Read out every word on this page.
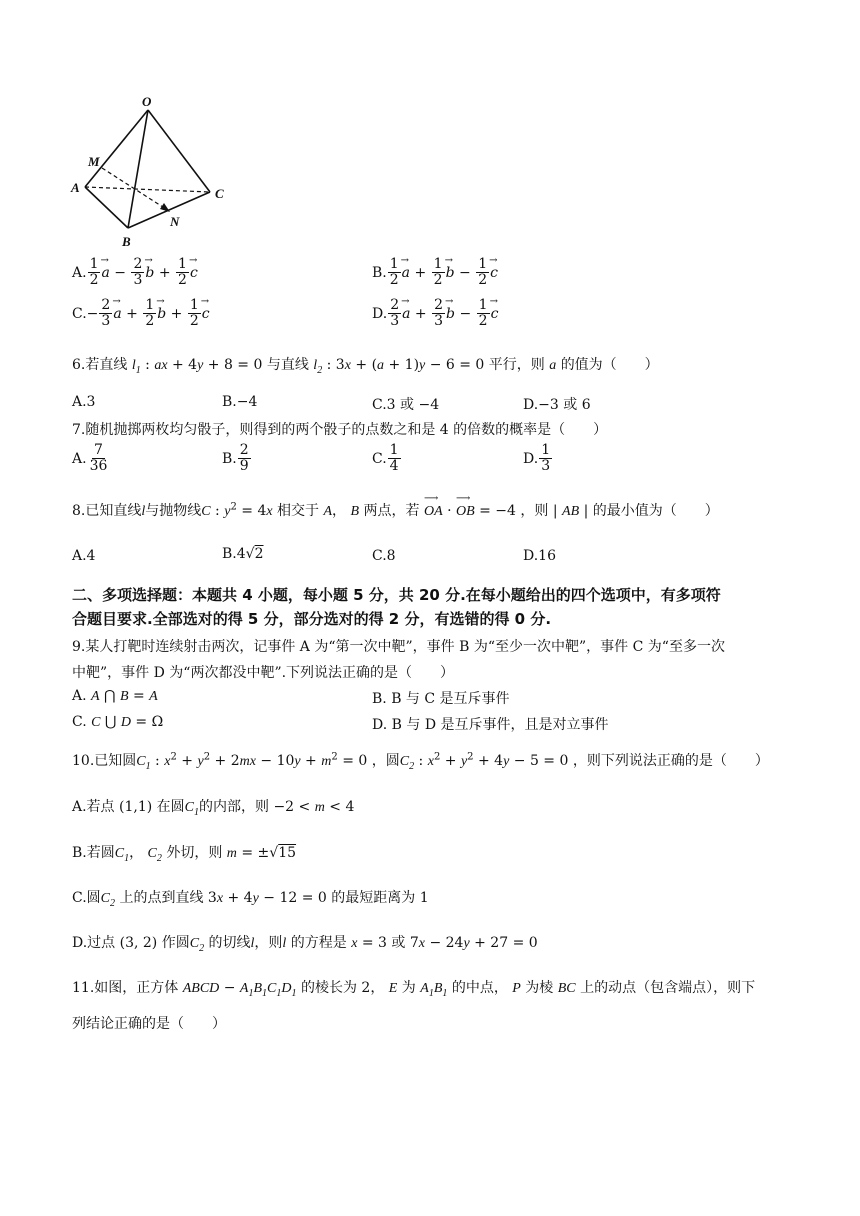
O
M
A
B
C
N
A. $\frac{1}{2} \to a - \frac{2}{3} \to b + \frac{1}{2} \to c$	B. $\frac{1}{2} \to a + \frac{1}{2} \to b - \frac{1}{2} \to c$
$C.- \frac{2}{3} \to a + \frac{1}{2} \to b + \frac{1}{2} \to c$	D. $\frac{2}{3} \to a + \frac{2}{3} \to b - \frac{1}{2} \to c$
6.若直线 $l_1$ : ax + 4y + 8 = 0 与直线 $l_2$ : 3x + (a + 1)y − 6 = 0 平行，则 a 的值为（　　）
A.3	B.−4	C.3 或 −4	D.−3 或 6
7.随机抛掷两枚均匀骰子，则得到的两个骰子的点数之和是 4 的倍数的概率是（　　）
A. $\frac{7}{36}$	B. $\frac{2}{9}$	C. $\frac{1}{4}$	D. $\frac{1}{3}$
8.已知直线l与抛物线C : $y^2 = 4x$ 相交于 A， B 两点，若
⟶
OA ·
⟶
OB = −4 ，则 | AB | 的最小值为（　　）
A.4	B.4√2	C.8	D.16
二、多项选择题：本题共 4 小题，每小题 5 分，共 20 分.在每小题给出的四个选项中，有多项符
合题目要求.全部选对的得 5 分，部分选对的得 2 分，有选错的得 0 分.
9.某人打靶时连续射击两次，记事件 A 为“第一次中靶”，事件 B 为“至少一次中靶”，事件 C 为“至多一次
中靶”，事件 D 为“两次都没中靶”.下列说法正确的是（　　）
A. A ⋂ B = A	B. B 与 C 是互斥事件
C. C ⋃ D = Ω	D. B 与 D 是互斥事件，且是对立事件
10.已知圆$C_1$ : $x^2 + y^2 + 2mx - 10y + m^2 = 0$ ，圆$C_2$ : $x^2 + y^2 + 4y - 5 = 0$ ，则下列说法正确的是（　　）
A.若点 (1,1) 在圆$C_1$的内部，则 −2 < m < 4
B.若圆$C_1$， $C_2$ 外切，则 m = ±√15
C.圆$C_2$ 上的点到直线 3x + 4y − 12 = 0 的最短距离为 1
D.过点 (3, 2) 作圆$C_2$ 的切线l，则l 的方程是 x = 3 或 7x − 24y + 27 = 0
11.如图，正方体 ABCD − $A_1B_1C_1D_1$ 的棱长为 2， E 为 $A_1B_1$ 的中点， P 为棱 BC 上的动点（包含端点），则下
列结论正确的是（　　）
